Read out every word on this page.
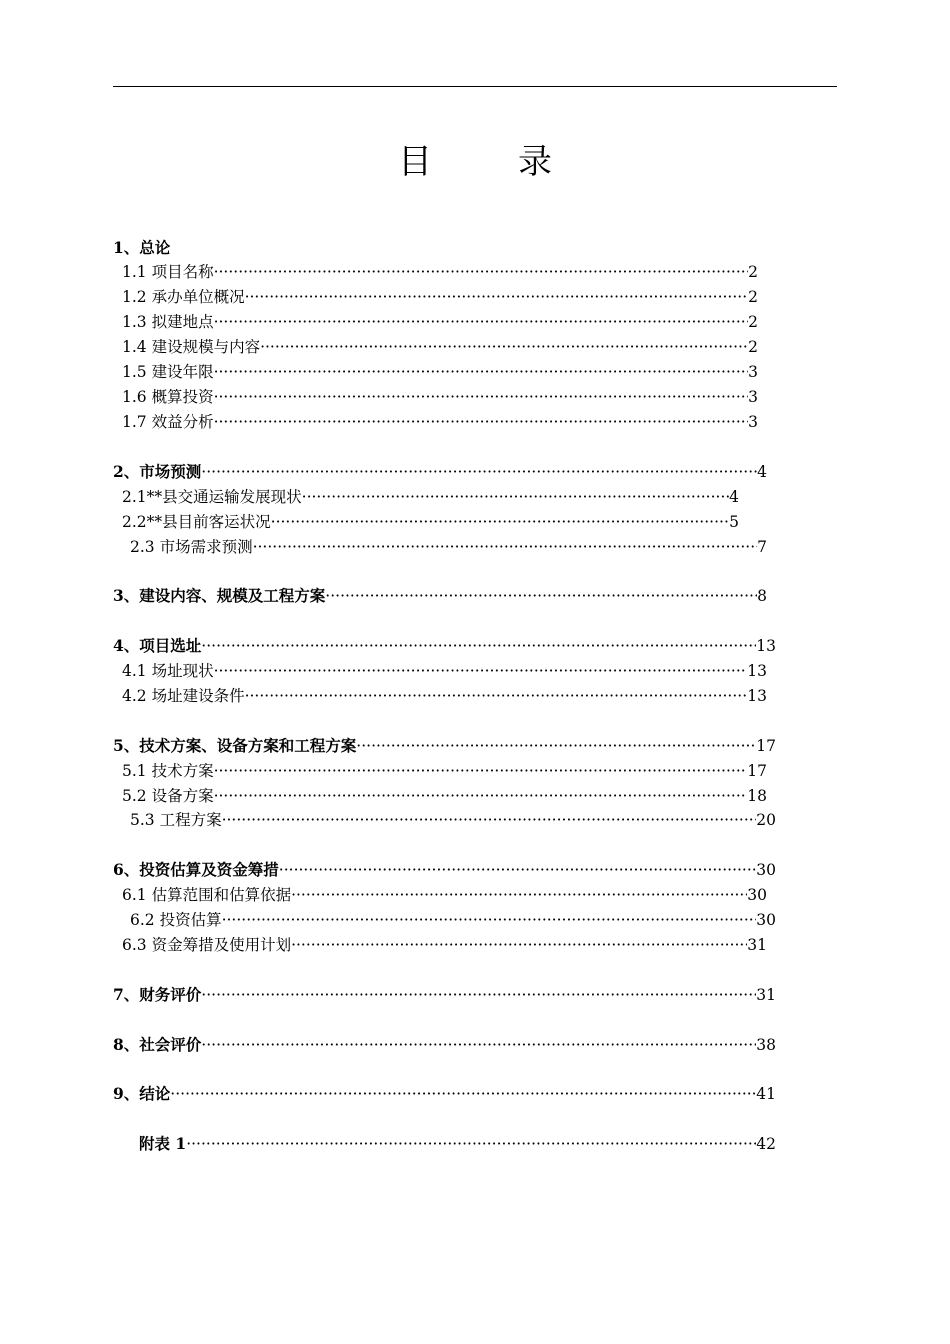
目录
1、总论
1.1 项目名称 ·····	2
1.2 承办单位概况 ·····	2
1.3 拟建地点 ·····	2
1.4 建设规模与内容 ·····	2
1.5 建设年限 ·····	3
1.6 概算投资 ·····	3
1.7 效益分析 ·····	3
2、市场预测 ·····	4
2.1**县交通运输发展现状 ·····	4
2.2**县目前客运状况 ·····	5
2.3 市场需求预测 ·····	7
3、建设内容、规模及工程方案 ·····	8
4、项目选址 ·····	13
4.1 场址现状 ·····	13
4.2 场址建设条件 ·····	13
5、技术方案、设备方案和工程方案 ·····	17
5.1 技术方案 ·····	17
5.2 设备方案 ·····	18
5.3 工程方案 ·····	20
6、投资估算及资金筹措 ·····	30
6.1 估算范围和估算依据 ·····	30
6.2 投资估算 ·····	30
6.3 资金筹措及使用计划 ·····	31
7、财务评价 ·····	31
8、社会评价 ·····	38
9、结论 ·····	41
附表 1 ·····	42
